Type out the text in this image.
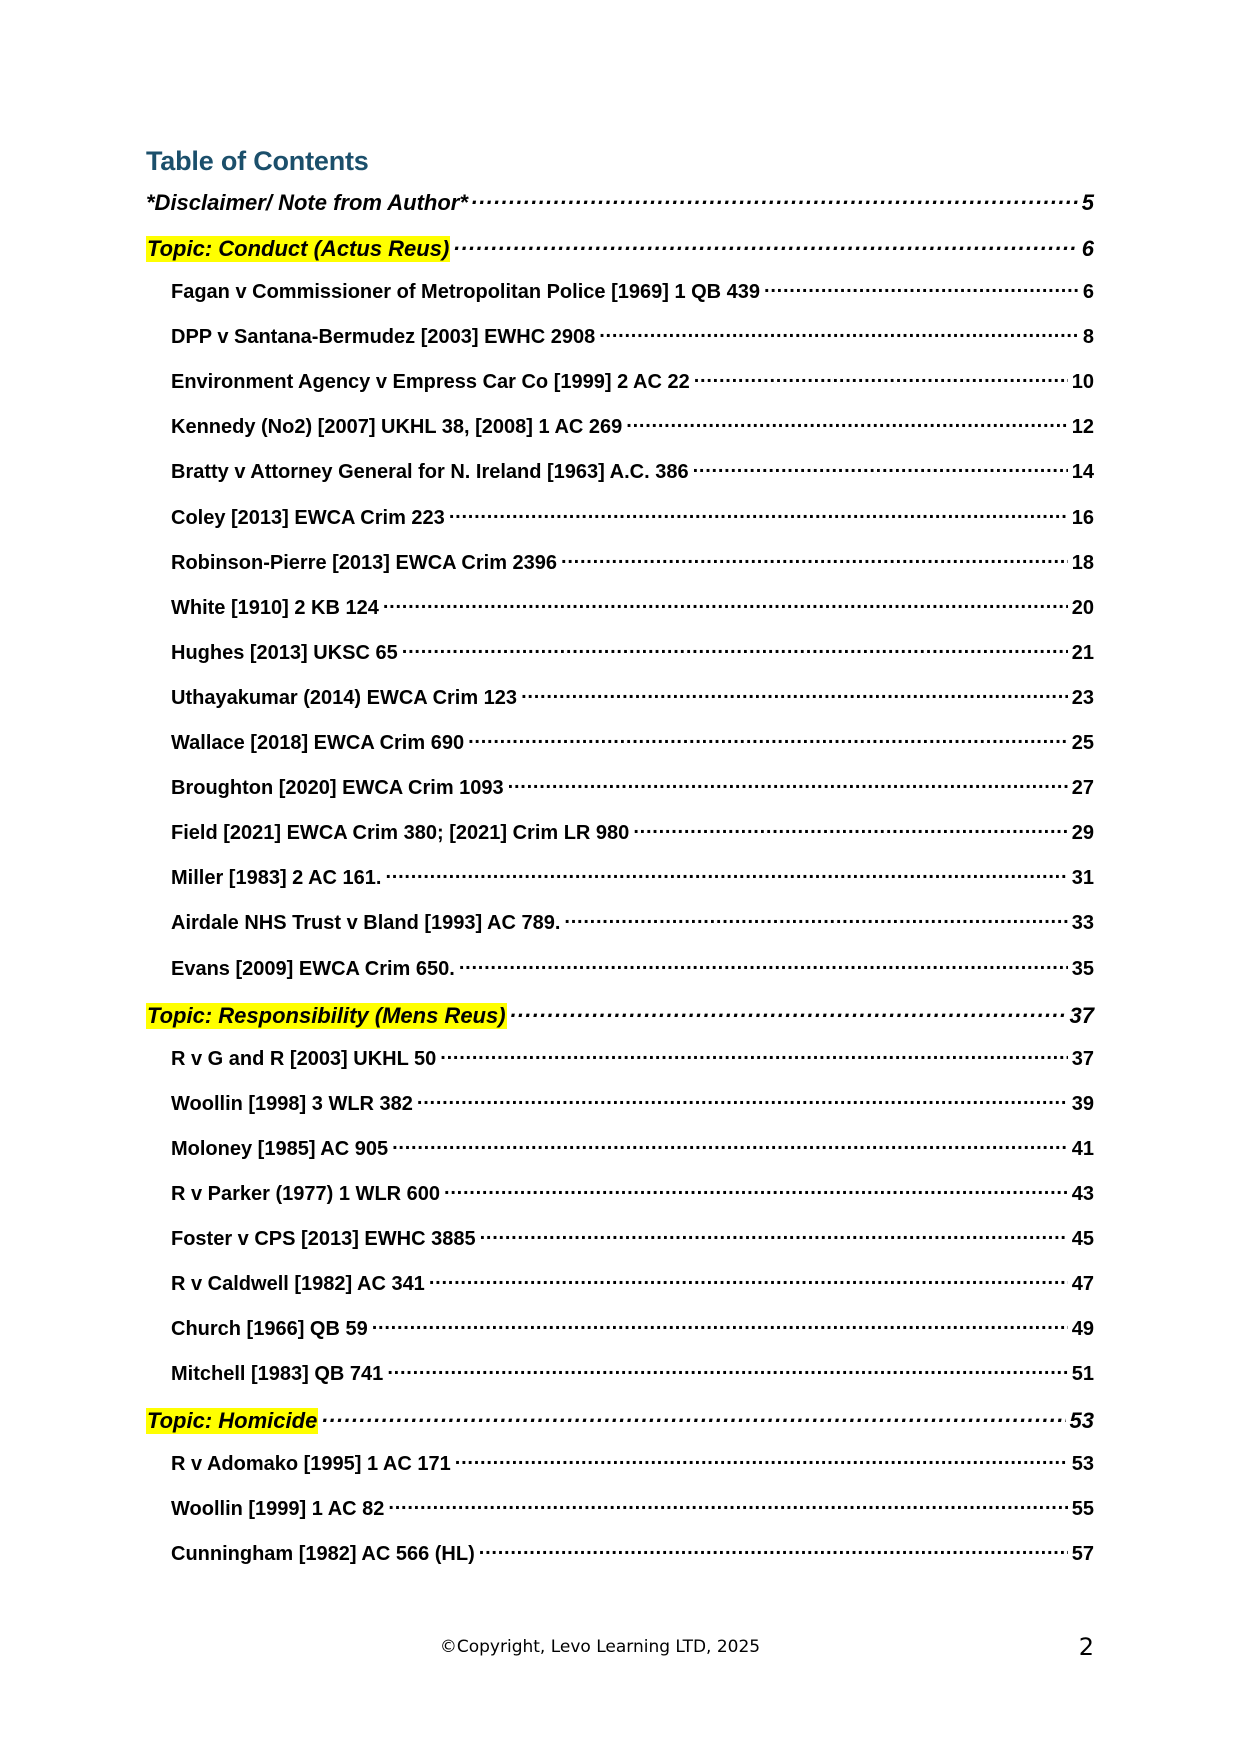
Table of Contents
*Disclaimer/ Note from Author* . . .	5
Topic: Conduct (Actus Reus) . . .	6
Fagan v Commissioner of Metropolitan Police [1969] 1 QB 439 . . .	6
DPP v Santana-Bermudez [2003] EWHC 2908 . . .	8
Environment Agency v Empress Car Co [1999] 2 AC 22 . . .	10
Kennedy (No2) [2007] UKHL 38, [2008] 1 AC 269 . . .	12
Bratty v Attorney General for N. Ireland [1963] A.C. 386 . . .	14
Coley [2013] EWCA Crim 223 . . .	16
Robinson-Pierre [2013] EWCA Crim 2396 . . .	18
White [1910] 2 KB 124 . . .	20
Hughes [2013] UKSC 65 . . .	21
Uthayakumar (2014) EWCA Crim 123 . . .	23
Wallace [2018] EWCA Crim 690 . . .	25
Broughton [2020] EWCA Crim 1093 . . .	27
Field [2021] EWCA Crim 380; [2021] Crim LR 980 . . .	29
Miller [1983] 2 AC 161. . . .	31
Airdale NHS Trust v Bland [1993] AC 789. . . .	33
Evans [2009] EWCA Crim 650. . . .	35
Topic: Responsibility (Mens Reus) . . .	37
R v G and R [2003] UKHL 50 . . .	37
Woollin [1998] 3 WLR 382 . . .	39
Moloney [1985] AC 905 . . .	41
R v Parker (1977) 1 WLR 600 . . .	43
Foster v CPS [2013] EWHC 3885 . . .	45
R v Caldwell [1982] AC 341 . . .	47
Church [1966] QB 59 . . .	49
Mitchell [1983] QB 741 . . .	51
Topic: Homicide . . .	53
R v Adomako [1995] 1 AC 171 . . .	53
Woollin [1999] 1 AC 82 . . .	55
Cunningham [1982] AC 566 (HL) . . .	57
©Copyright, Levo Learning LTD, 2025	2
